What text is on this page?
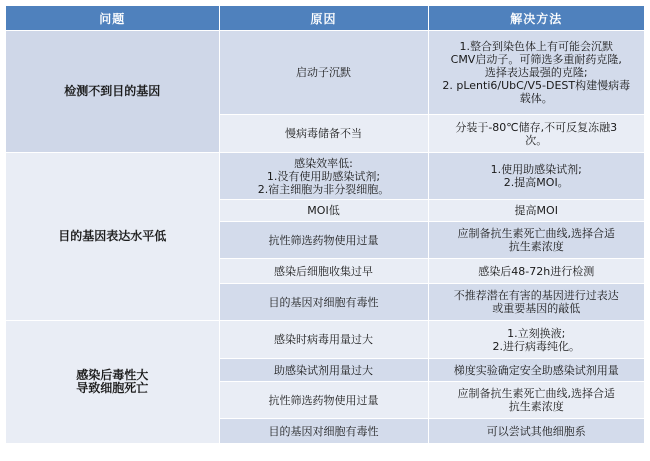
问题	原因	解决方法

检测不到目的基因	启动子沉默	1.整合到染色体上有可能会沉默
CMV启动子。可筛选多重耐药克隆,
选择表达最强的克隆;
2. pLenti6/UbC/V5-DEST构建慢病毒
载体。

	慢病毒储备不当	分装于-80℃储存,不可反复冻融3
次。

目的基因表达水平低	感染效率低:
1.没有使用助感染试剂;
2.宿主细胞为非分裂细胞。	1.使用助感染试剂;
2.提高MOI。

	MOI低	提高MOI

	抗性筛选药物使用过量	应制备抗生素死亡曲线,选择合适
抗生素浓度

	感染后细胞收集过早	感染后48-72h进行检测

	目的基因对细胞有毒性	不推荐潜在有害的基因进行过表达
或重要基因的敲低

感染后毒性大
导致细胞死亡	感染时病毒用量过大	1.立刻换液;
2.进行病毒纯化。

	助感染试剂用量过大	梯度实验确定安全助感染试剂用量

	抗性筛选药物使用过量	应制备抗生素死亡曲线,选择合适
抗生素浓度

	目的基因对细胞有毒性	可以尝试其他细胞系
